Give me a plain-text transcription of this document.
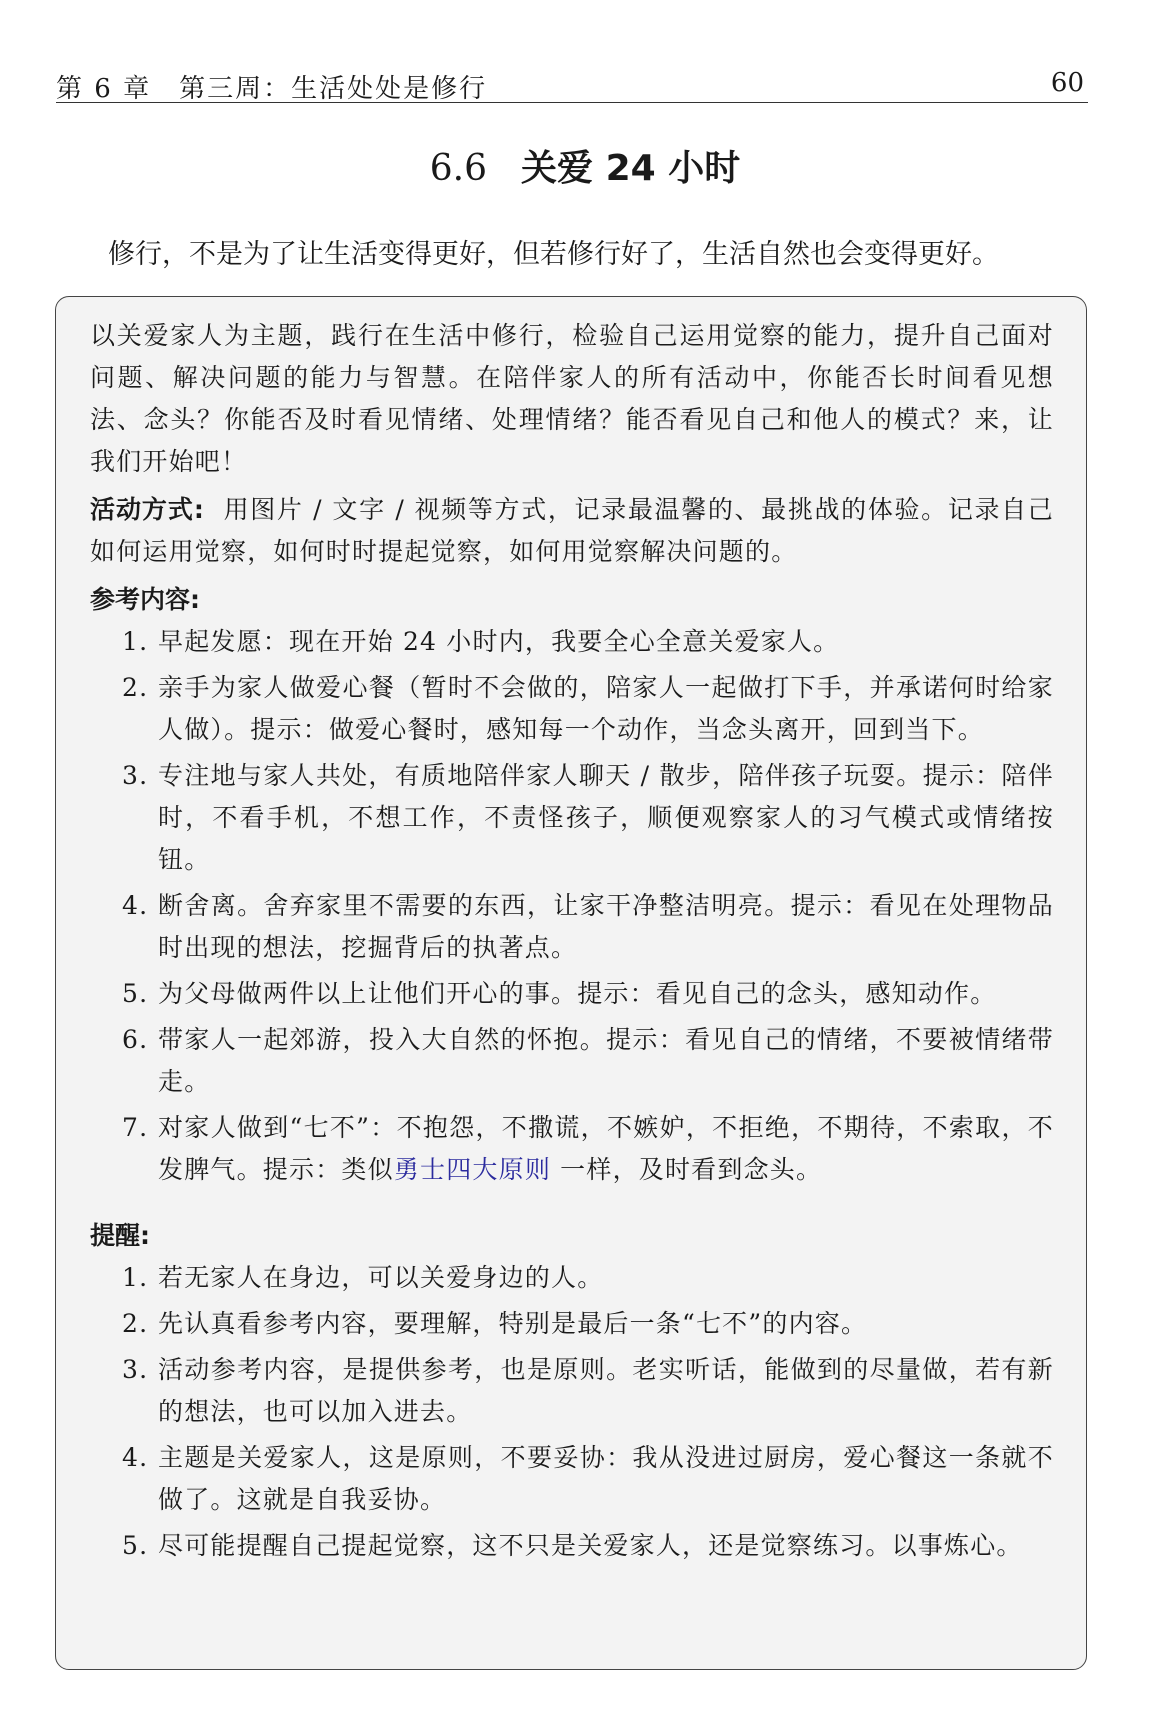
第 6 章　第三周：生活处处是修行	60
6.6 关爱 24 小时
修行，不是为了让生活变得更好，但若修行好了，生活自然也会变得更好。

以关爱家人为主题，践行在生活中修行，检验自己运用觉察的能力，提升自己面对问题、解决问题的能力与智慧。在陪伴家人的所有活动中，你能否长时间看见想法、念头？你能否及时看见情绪、处理情绪？能否看见自己和他人的模式？来，让我们开始吧！

活动方式: 用图片 / 文字 / 视频等方式，记录最温馨的、最挑战的体验。记录自己如何运用觉察，如何时时提起觉察，如何用觉察解决问题的。

参考内容:
1. 早起发愿：现在开始 24 小时内，我要全心全意关爱家人。
2. 亲手为家人做爱心餐（暂时不会做的，陪家人一起做打下手，并承诺何时给家人做）。提示：做爱心餐时，感知每一个动作，当念头离开，回到当下。
3. 专注地与家人共处，有质地陪伴家人聊天 / 散步，陪伴孩子玩耍。提示：陪伴时，不看手机，不想工作，不责怪孩子，顺便观察家人的习气模式或情绪按钮。
4. 断舍离。舍弃家里不需要的东西，让家干净整洁明亮。提示：看见在处理物品时出现的想法，挖掘背后的执著点。
5. 为父母做两件以上让他们开心的事。提示：看见自己的念头，感知动作。
6. 带家人一起郊游，投入大自然的怀抱。提示：看见自己的情绪，不要被情绪带走。
7. 对家人做到“七不”：不抱怨，不撒谎，不嫉妒，不拒绝，不期待，不索取，不发脾气。提示：类似勇士四大原则 一样，及时看到念头。
提醒:
1. 若无家人在身边，可以关爱身边的人。
2. 先认真看参考内容，要理解，特别是最后一条“七不”的内容。
3. 活动参考内容，是提供参考，也是原则。老实听话，能做到的尽量做，若有新的想法，也可以加入进去。
4. 主题是关爱家人，这是原则，不要妥协：我从没进过厨房，爱心餐这一条就不做了。这就是自我妥协。
5. 尽可能提醒自己提起觉察，这不只是关爱家人，还是觉察练习。以事炼心。
